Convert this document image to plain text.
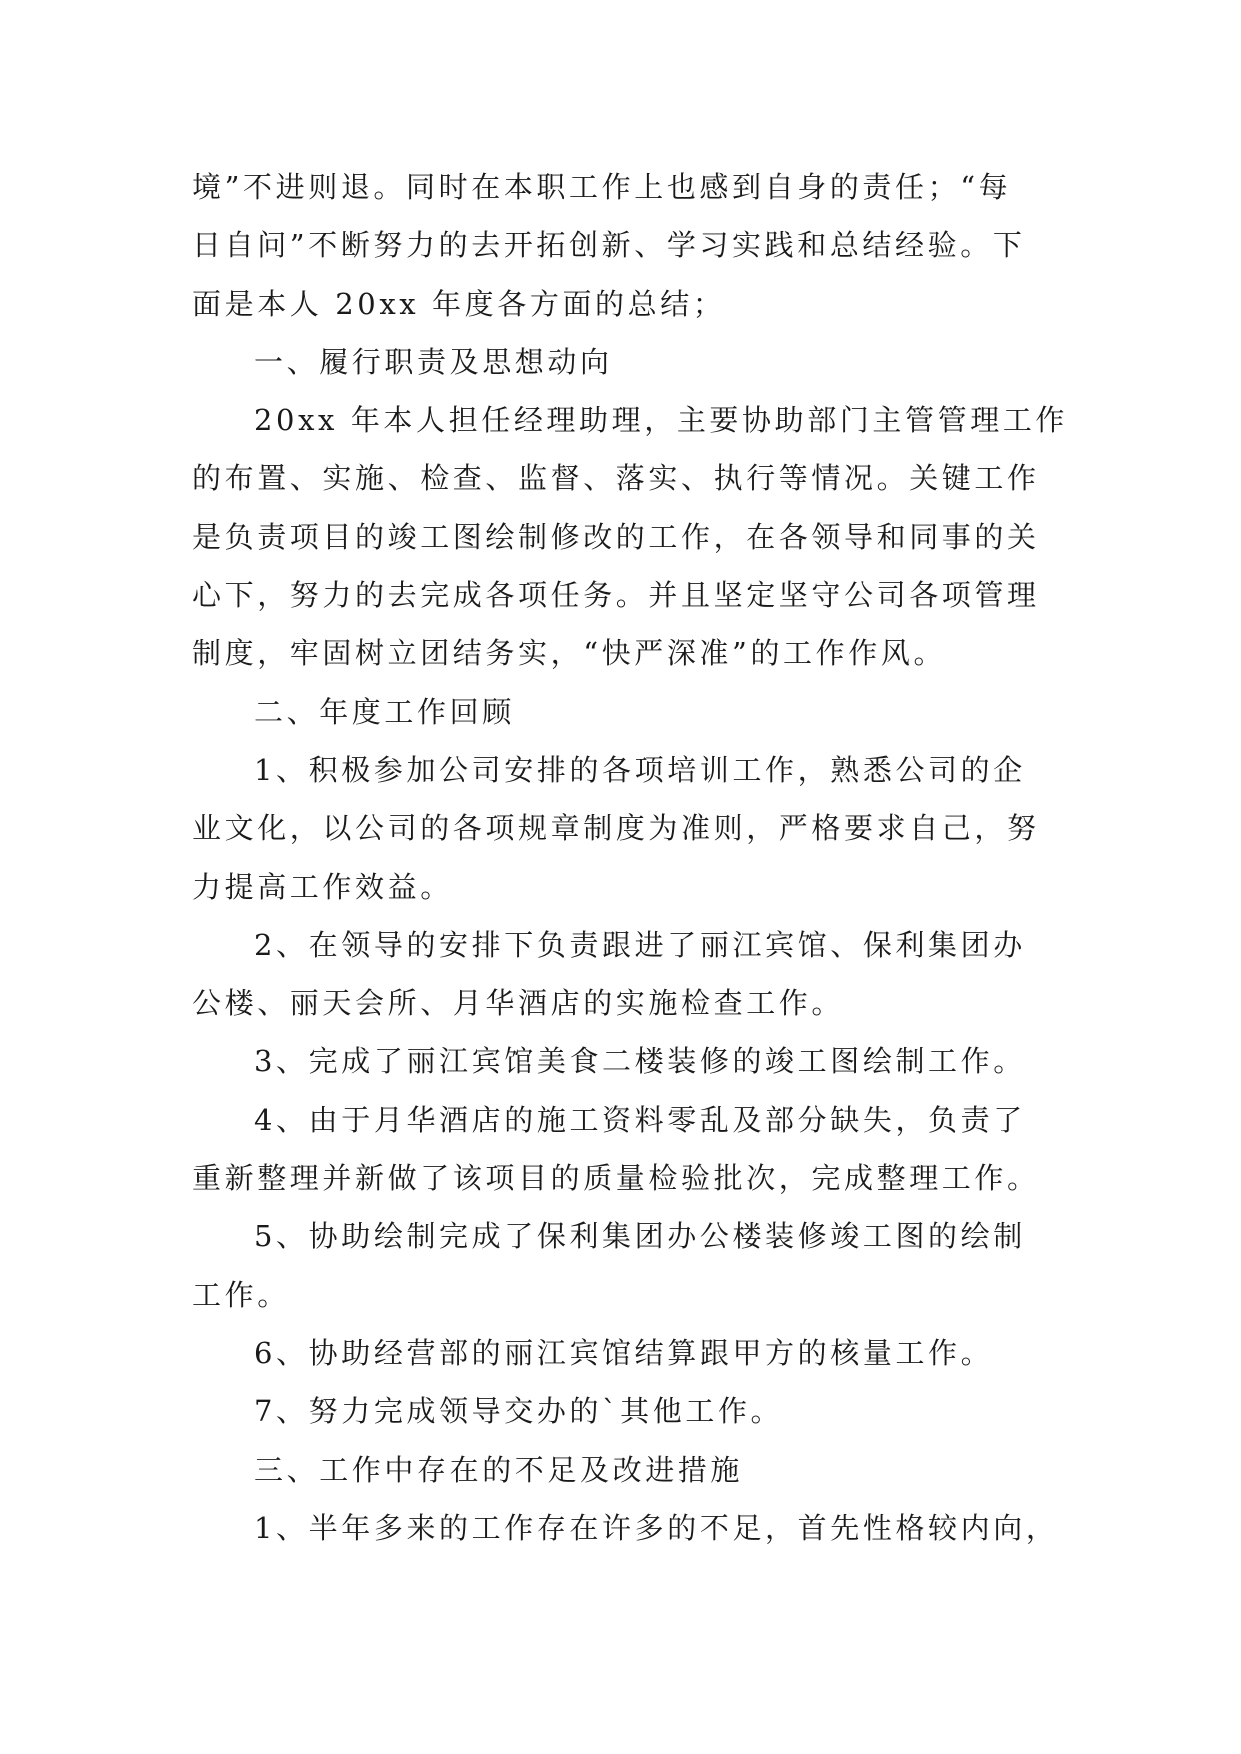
境”不进则退。同时在本职工作上也感到自身的责任；“每
日自问”不断努力的去开拓创新、学习实践和总结经验。下
面是本人 20xx 年度各方面的总结；
一、履行职责及思想动向
20xx 年本人担任经理助理，主要协助部门主管管理工作
的布置、实施、检查、监督、落实、执行等情况。关键工作
是负责项目的竣工图绘制修改的工作，在各领导和同事的关
心下，努力的去完成各项任务。并且坚定坚守公司各项管理
制度，牢固树立团结务实，“快严深准”的工作作风。
二、年度工作回顾
1、积极参加公司安排的各项培训工作，熟悉公司的企
业文化，以公司的各项规章制度为准则，严格要求自己，努
力提高工作效益。
2、在领导的安排下负责跟进了丽江宾馆、保利集团办
公楼、丽天会所、月华酒店的实施检查工作。
3、完成了丽江宾馆美食二楼装修的竣工图绘制工作。
4、由于月华酒店的施工资料零乱及部分缺失，负责了
重新整理并新做了该项目的质量检验批次，完成整理工作。
5、协助绘制完成了保利集团办公楼装修竣工图的绘制
工作。
6、协助经营部的丽江宾馆结算跟甲方的核量工作。
7、努力完成领导交办的`其他工作。
三、工作中存在的不足及改进措施
1、半年多来的工作存在许多的不足，首先性格较内向，
